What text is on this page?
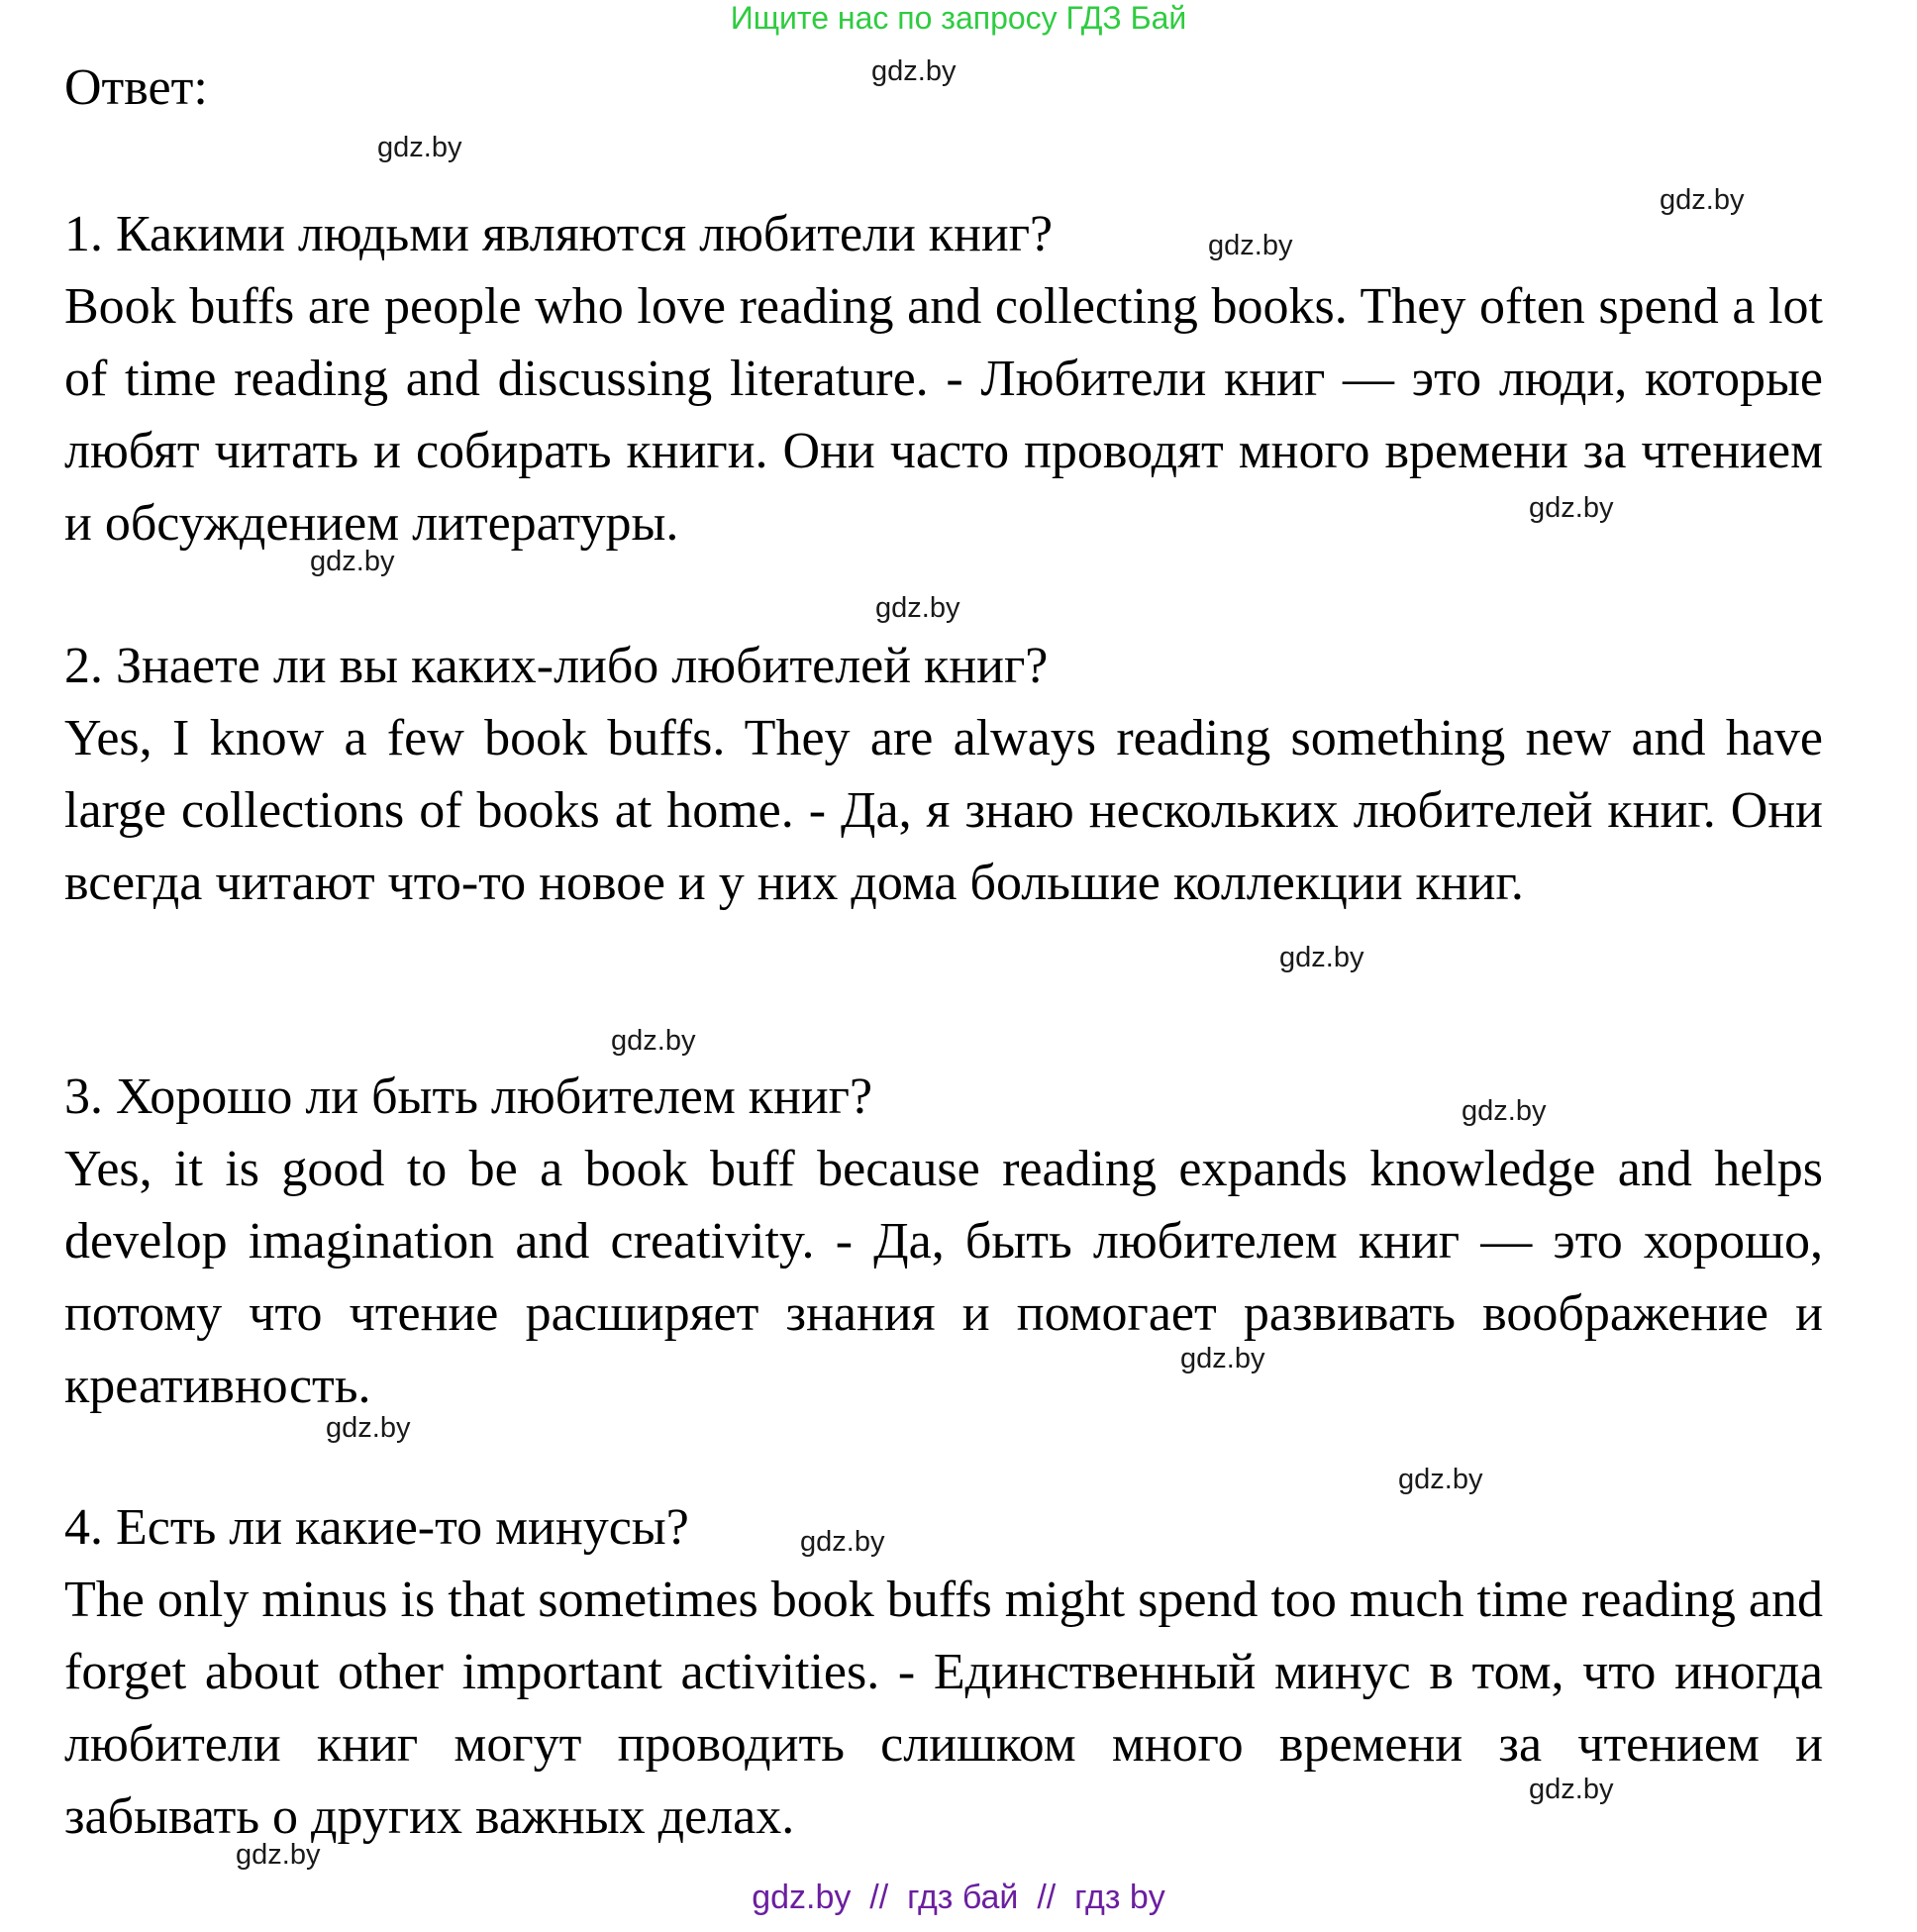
Ищите нас по запросу ГДЗ Бай
Ответ:

1. Какими людьми являются любители книг?

Book buffs are people who love reading and collecting books. They often spend a lot of time reading and discussing literature. - Любители книг — это люди, которые любят читать и собирать книги. Они часто проводят много времени за чтением и обсуждением литературы.

2. Знаете ли вы каких-либо любителей книг?

Yes, I know a few book buffs. They are always reading something new and have large collections of books at home. - Да, я знаю нескольких любителей книг. Они всегда читают что-то новое и у них дома большие коллекции книг.

3. Хорошо ли быть любителем книг?

Yes, it is good to be a book buff because reading expands knowledge and helps develop imagination and creativity. - Да, быть любителем книг — это хорошо, потому что чтение расширяет знания и помогает развивать воображение и креативность.

4. Есть ли какие-то минусы?

The only minus is that sometimes book buffs might spend too much time reading and forget about other important activities. - Единственный минус в том, что иногда любители книг могут проводить слишком много времени за чтением и забывать о других важных делах.

gdz.by
gdz.by
gdz.by
gdz.by
gdz.by
gdz.by
gdz.by
gdz.by
gdz.by
gdz.by
gdz.by
gdz.by
gdz.by
gdz.by
gdz.by
gdz.by
gdz.by  //  гдз бай  //  гдз by
